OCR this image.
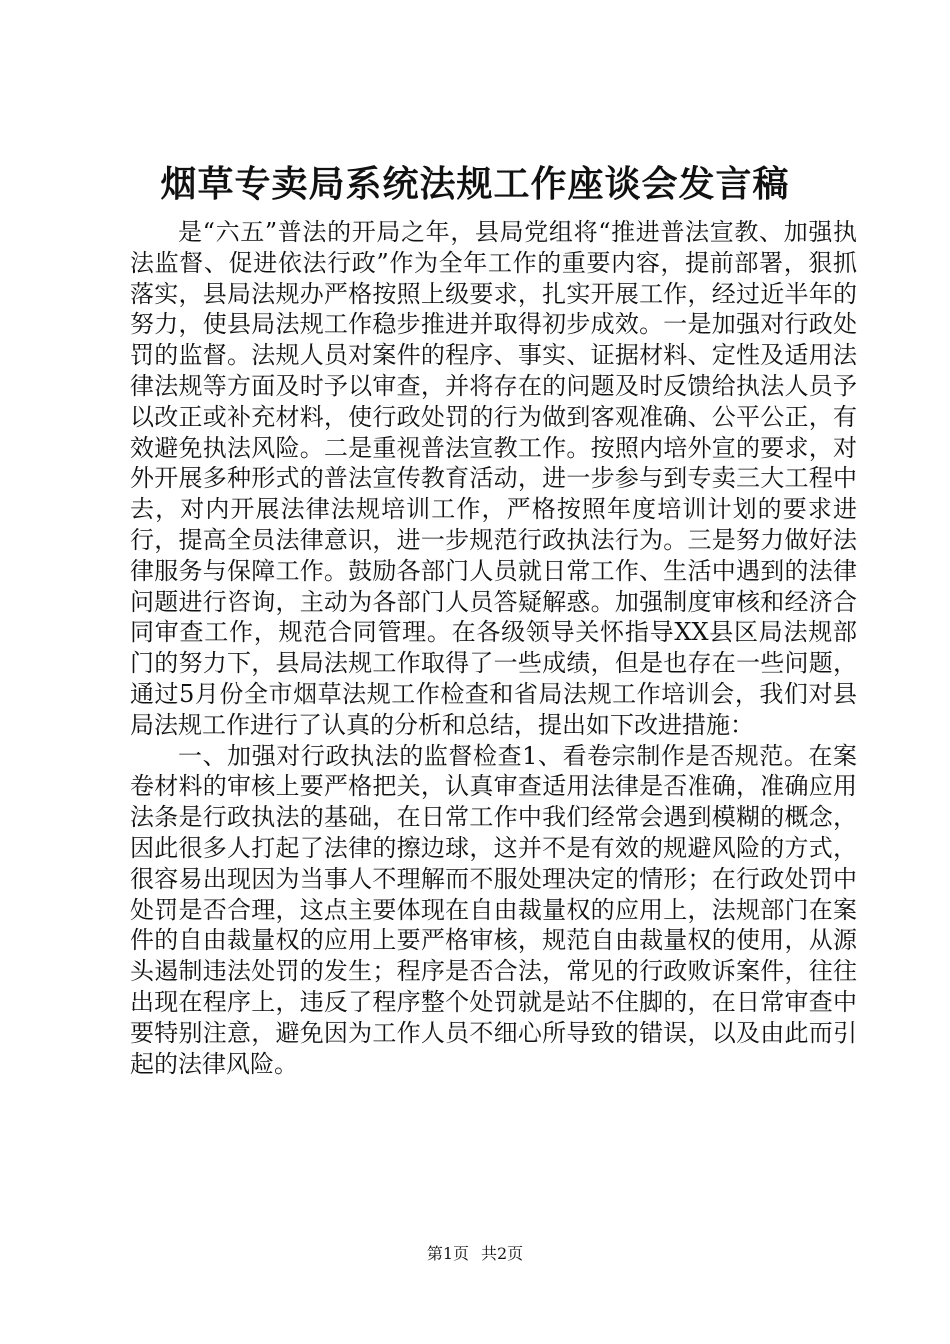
烟草专卖局系统法规工作座谈会发言稿

是“六五”普法的开局之年，县局党组将“推进普法宣教、加强执法监督、促进依法行政”作为全年工作的重要内容，提前部署，狠抓落实，县局法规办严格按照上级要求，扎实开展工作，经过近半年的努力，使县局法规工作稳步推进并取得初步成效。一是加强对行政处罚的监督。法规人员对案件的程序、事实、证据材料、定性及适用法律法规等方面及时予以审查，并将存在的问题及时反馈给执法人员予以改正或补充材料，使行政处罚的行为做到客观准确、公平公正，有效避免执法风险。二是重视普法宣教工作。按照内培外宣的要求，对外开展多种形式的普法宣传教育活动，进一步参与到专卖三大工程中去，对内开展法律法规培训工作，严格按照年度培训计划的要求进行，提高全员法律意识，进一步规范行政执法行为。三是努力做好法律服务与保障工作。鼓励各部门人员就日常工作、生活中遇到的法律问题进行咨询，主动为各部门人员答疑解惑。加强制度审核和经济合同审查工作，规范合同管理。在各级领导关怀指导XX县区局法规部门的努力下，县局法规工作取得了一些成绩，但是也存在一些问题，通过5月份全市烟草法规工作检查和省局法规工作培训会，我们对县局法规工作进行了认真的分析和总结，提出如下改进措施：

一、加强对行政执法的监督检查1、看卷宗制作是否规范。在案卷材料的审核上要严格把关，认真审查适用法律是否准确，准确应用法条是行政执法的基础，在日常工作中我们经常会遇到模糊的概念，因此很多人打起了法律的擦边球，这并不是有效的规避风险的方式，很容易出现因为当事人不理解而不服处理决定的情形；在行政处罚中处罚是否合理，这点主要体现在自由裁量权的应用上，法规部门在案件的自由裁量权的应用上要严格审核，规范自由裁量权的使用，从源头遏制违法处罚的发生；程序是否合法，常见的行政败诉案件，往往出现在程序上，违反了程序整个处罚就是站不住脚的，在日常审查中要特别注意，避免因为工作人员不细心所导致的错误，以及由此而引起的法律风险。

第1页 共2页
